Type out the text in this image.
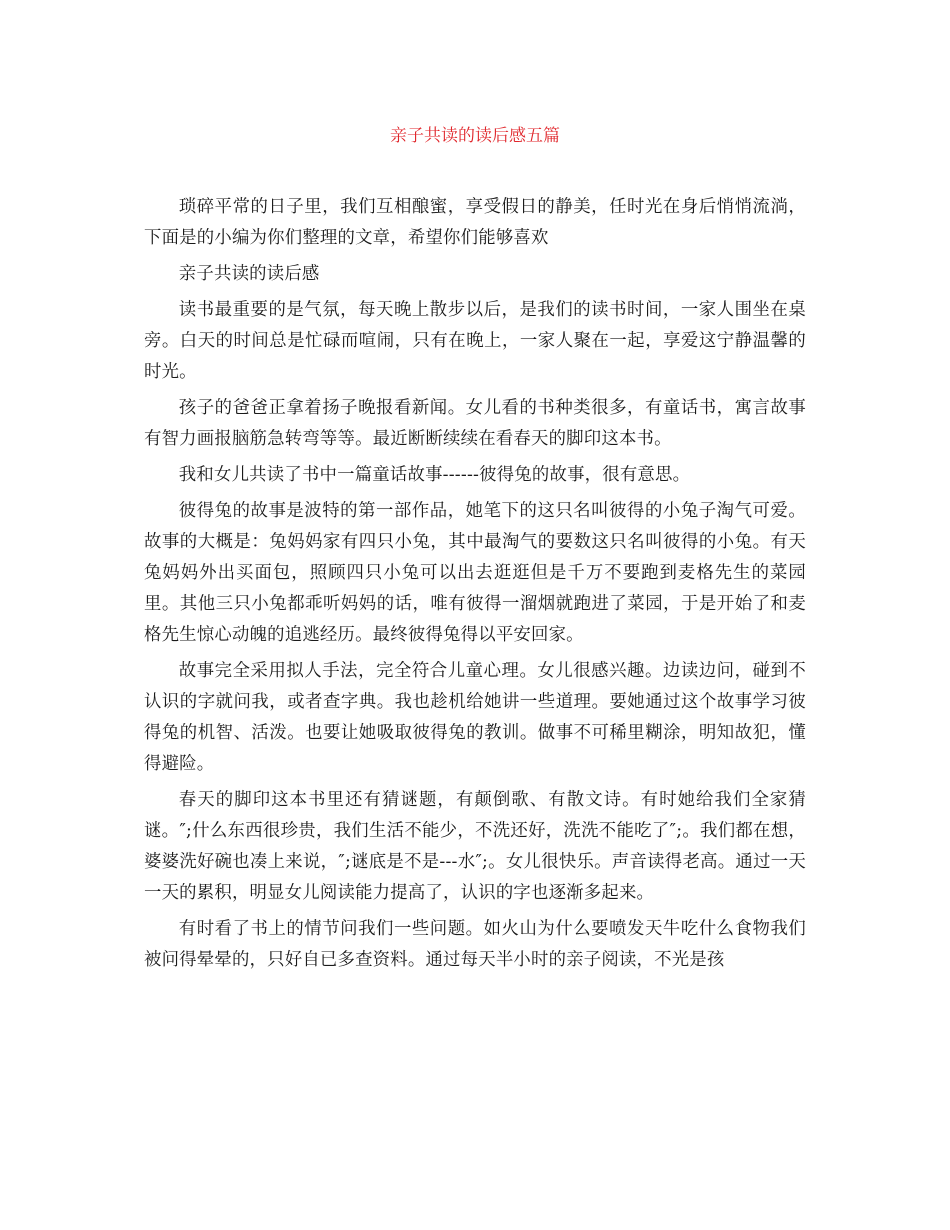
亲子共读的读后感五篇

琐碎平常的日子里，我们互相酿蜜，享受假日的静美，任时光在身后悄悄流淌，下面是的小编为你们整理的文章，希望你们能够喜欢

亲子共读的读后感

读书最重要的是气氛，每天晚上散步以后，是我们的读书时间，一家人围坐在桌旁。白天的时间总是忙碌而喧闹，只有在晚上，一家人聚在一起，享爱这宁静温馨的时光。

孩子的爸爸正拿着扬子晚报看新闻。女儿看的书种类很多，有童话书，寓言故事有智力画报脑筋急转弯等等。最近断断续续在看春天的脚印这本书。

我和女儿共读了书中一篇童话故事------彼得兔的故事，很有意思。

彼得兔的故事是波特的第一部作品，她笔下的这只名叫彼得的小兔子淘气可爱。故事的大概是：兔妈妈家有四只小兔，其中最淘气的要数这只名叫彼得的小兔。有天兔妈妈外出买面包，照顾四只小兔可以出去逛逛但是千万不要跑到麦格先生的菜园里。其他三只小兔都乖听妈妈的话，唯有彼得一溜烟就跑进了菜园，于是开始了和麦格先生惊心动魄的追逃经历。最终彼得兔得以平安回家。

故事完全采用拟人手法，完全符合儿童心理。女儿很感兴趣。边读边问，碰到不认识的字就问我，或者查字典。我也趁机给她讲一些道理。要她通过这个故事学习彼得兔的机智、活泼。也要让她吸取彼得兔的教训。做事不可稀里糊涂，明知故犯，懂得避险。

春天的脚印这本书里还有猜谜题，有颠倒歌、有散文诗。有时她给我们全家猜谜。″;什么东西很珍贵，我们生活不能少，不洗还好，洗洗不能吃了″;。我们都在想，婆婆洗好碗也凑上来说，″;谜底是不是---水″;。女儿很快乐。声音读得老高。通过一天一天的累积，明显女儿阅读能力提高了，认识的字也逐渐多起来。

有时看了书上的情节问我们一些问题。如火山为什么要喷发天牛吃什么食物我们被问得晕晕的，只好自已多查资料。通过每天半小时的亲子阅读，不光是孩
